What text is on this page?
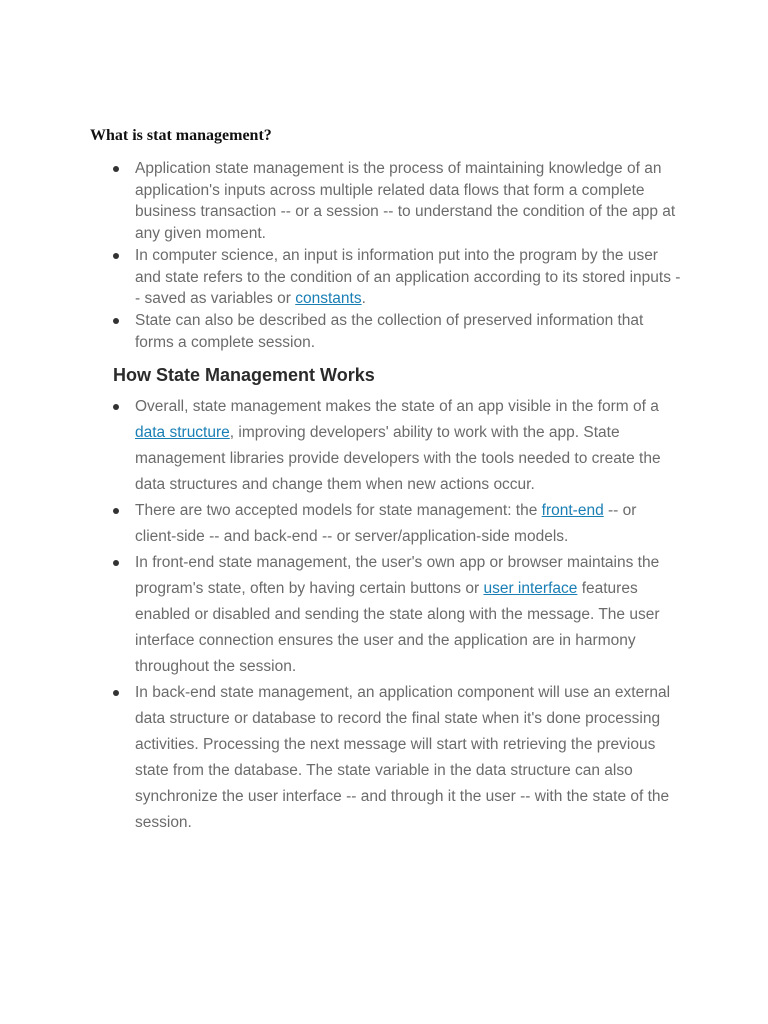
What is stat management?
Application state management is the process of maintaining knowledge of an application's inputs across multiple related data flows that form a complete business transaction -- or a session -- to understand the condition of the app at any given moment.
In computer science, an input is information put into the program by the user and state refers to the condition of an application according to its stored inputs -- saved as variables or constants.
State can also be described as the collection of preserved information that forms a complete session.
How State Management Works
Overall, state management makes the state of an app visible in the form of a data structure, improving developers' ability to work with the app. State management libraries provide developers with the tools needed to create the data structures and change them when new actions occur.
There are two accepted models for state management: the front-end -- or client-side -- and back-end -- or server/application-side models.
In front-end state management, the user's own app or browser maintains the program's state, often by having certain buttons or user interface features enabled or disabled and sending the state along with the message. The user interface connection ensures the user and the application are in harmony throughout the session.
In back-end state management, an application component will use an external data structure or database to record the final state when it's done processing activities. Processing the next message will start with retrieving the previous state from the database. The state variable in the data structure can also synchronize the user interface -- and through it the user -- with the state of the session.
